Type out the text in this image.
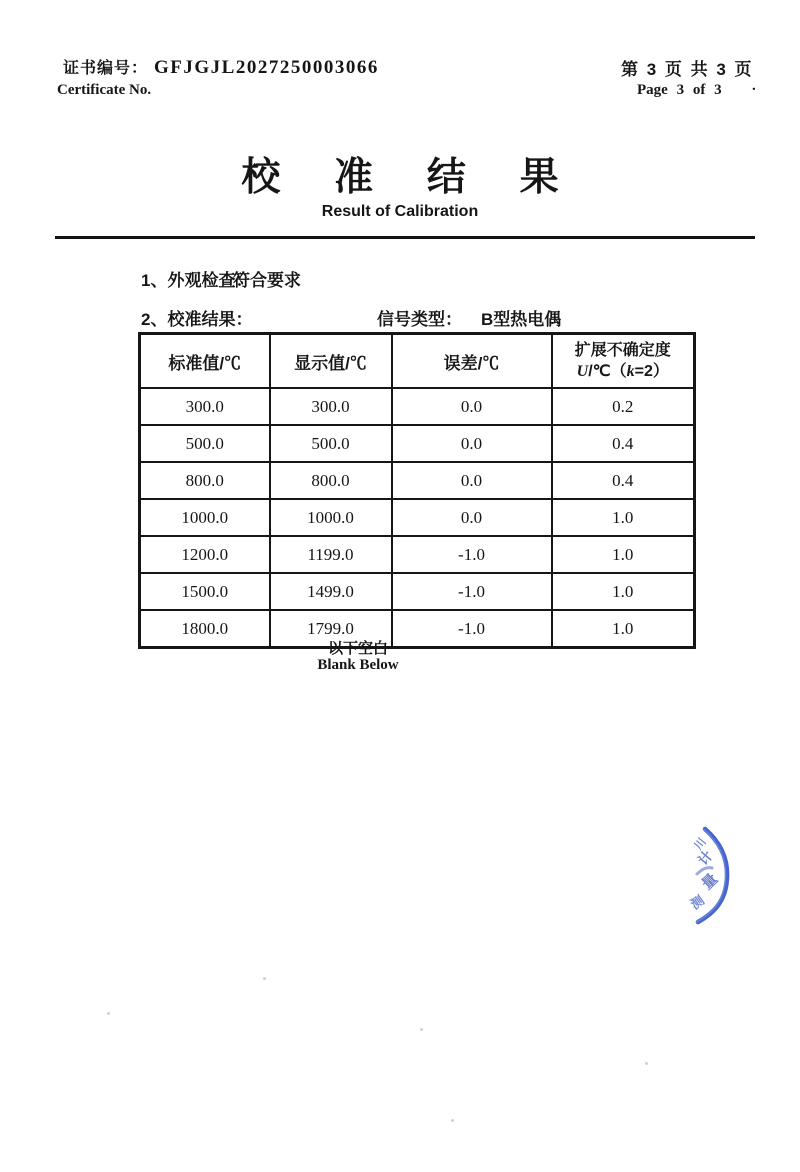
证书编号： GFJGJL2027250003066
Certificate No.
第 3 页 共 3 页
Page 3 of 3 .
校 准 结 果
Result of Calibration
1、外观检查：
符合要求
2、校准结果：	信号类型： B型热电偶
标准值/℃	显示值/℃	误差/℃	扩展不确定度
U/℃（k=2）

300.0	300.0	0.0	0.2
500.0	500.0	0.0	0.4
800.0	800.0	0.0	0.4
1000.0	1000.0	0.0	1.0
1200.0	1199.0	-1.0	1.0
1500.0	1499.0	-1.0	1.0
1800.0	1799.0	-1.0	1.0
以下空白
Blank Below
川
计
量
测
